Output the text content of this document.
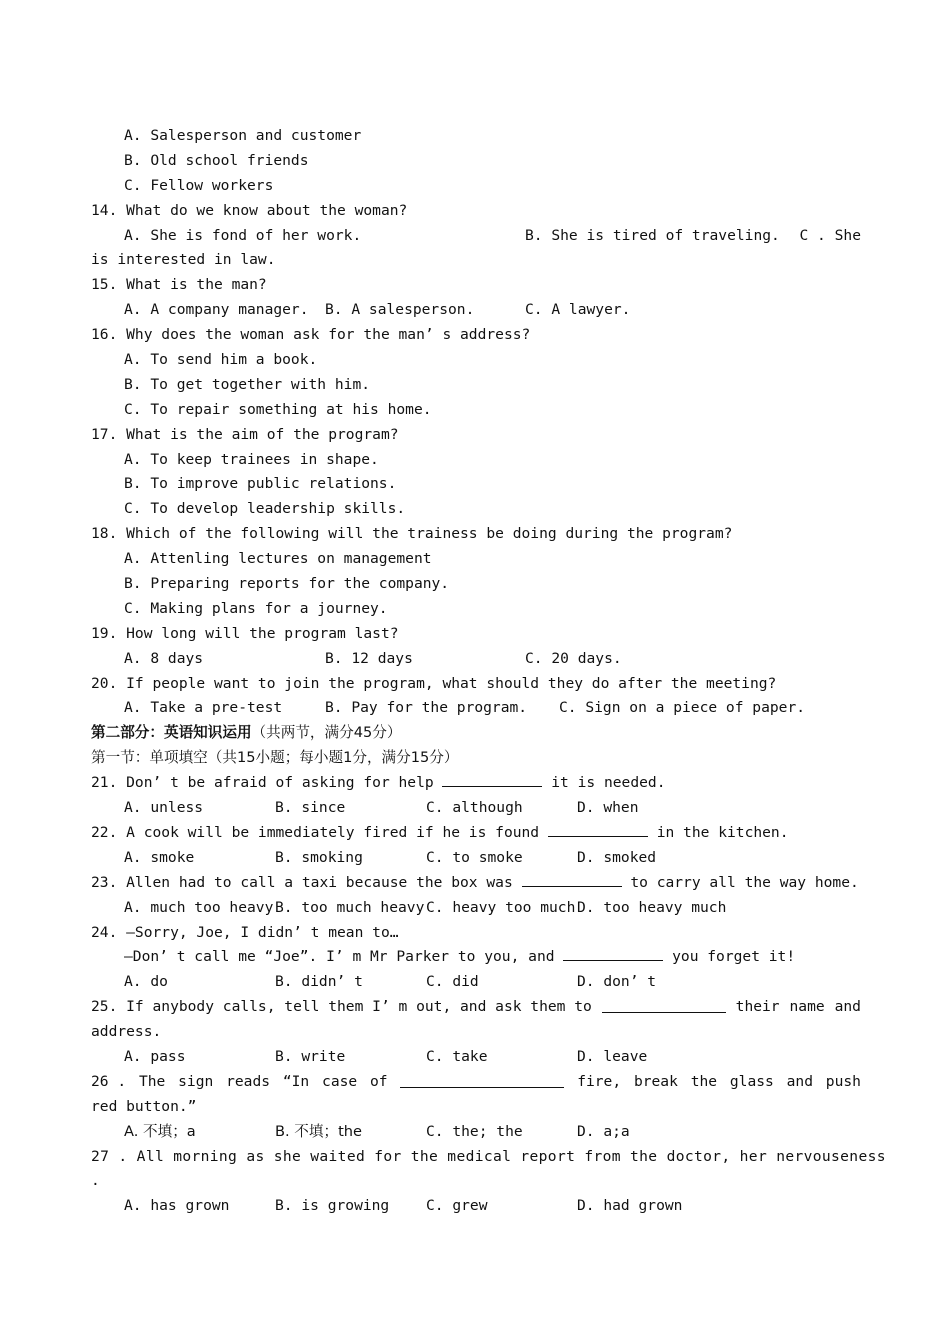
A. Salesperson and customer
B. Old school friends
C. Fellow workers
14. What do we know about the woman?
A. She is fond of her work.	B. She is tired of traveling.	C . She
is interested in law.
15. What is the man?
A. A company manager.	B. A salesperson.	C. A lawyer.
16. Why does the woman ask for the man’ s address?
A. To send him a book.
B. To get together with him.
C. To repair something at his home.
17. What is the aim of the program?
A. To keep trainees in shape.
B. To improve public relations.
C. To develop leadership skills.
18. Which of the following will the trainess be doing during the program?
A. Attenling lectures on management
B. Preparing reports for the company.
C. Making plans for a journey.
19. How long will the program last?
A. 8 days	B. 12 days	C. 20 days.
20. If people want to join the program, what should they do after the meeting?
A. Take a pre-test	B. Pay for the program.	C. Sign on a piece of paper.
第二部分：英语知识运用（共两节，满分45分）
第一节：单项填空（共15小题；每小题1分，满分15分）
21. Don’ t be afraid of asking for help	it is needed.
A. unless	B. since	C. although	D. when
22. A cook will be immediately fired if he is found	in the kitchen.
A. smoke	B. smoking	C. to smoke	D. smoked
23. Allen had to call a taxi because the box was	to carry all the way home.
A. much too heavy B. too much heavy C. heavy too much D. too heavy much
24. —Sorry, Joe, I didn’ t mean to…
—Don’ t call me “Joe”. I’ m Mr Parker to you, and	you forget it!
A. do	B. didn’ t	C. did	D. don’ t
25. If anybody calls, tell them I’ m out, and ask them to	their name and
address.
A. pass	B. write	C. take	D. leave
26 . The sign reads “In case of	fire, break the glass and push
red button.”
A. 不填；a	B. 不填；the	C. the; the	D. a;a
27 . All morning as she waited for the medical report from the doctor, her nervouseness
.
A. has grown	B. is growing	C. grew	D. had grown
